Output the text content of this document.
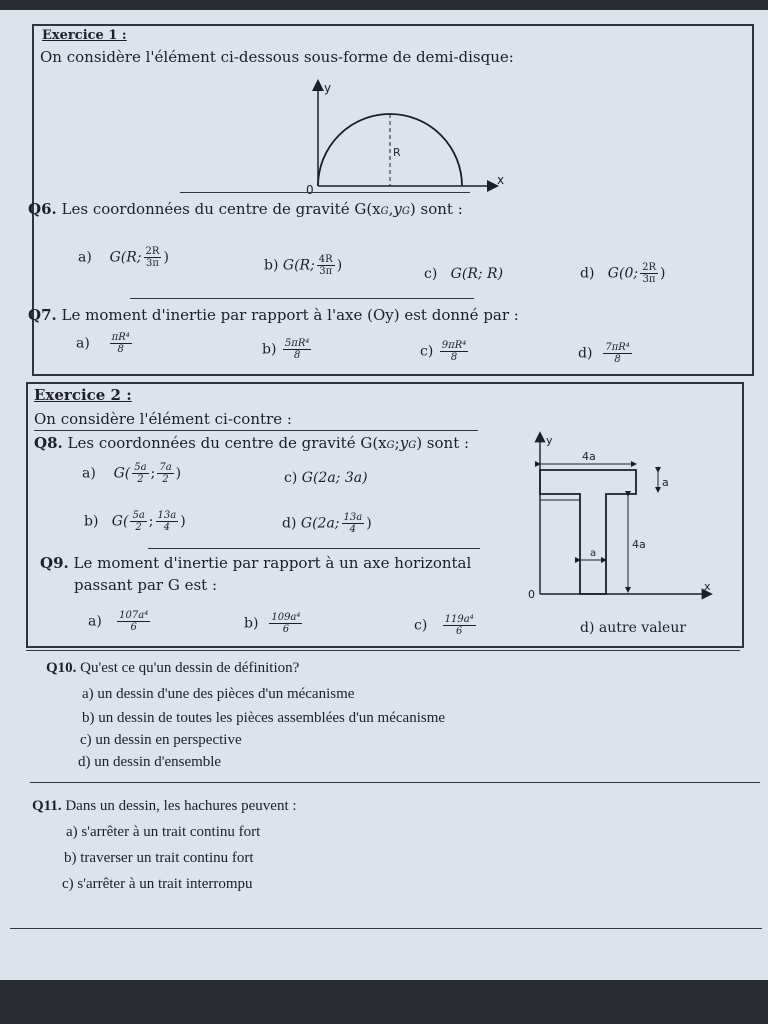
Exercice 1 :
On considère l'élément ci-dessous sous-forme de demi-disque:
y
x
0
R
Q6. Les coordonnées du centre de gravité G(xG,yG) sont :
a) G(R; $\frac{2R}{3\pi}$ )	b) G(R; $\frac{4R}{3\pi}$ )
c) G(R; R)	d) G(0; $\frac{2R}{3\pi}$ )
Q7. Le moment d'inertie par rapport à l'axe (Oy) est donné par :
$a) \frac{\text{πR⁴}}{8}$	$b) \frac{\text{5πR⁴}}{8}$	$c) \frac{\text{9πR⁴}}{8}$	$d) \frac{\text{7πR⁴}}{8}$
Exercice 2 :
On considère l'élément ci-contre :
Q8. Les coordonnées du centre de gravité G(xG;yG) sont :
a) $G( \frac{5a}{2}$ ; $\frac{7a}{2}$ )	c) G(2a; 3a)
b) $G( \frac{5a}{2}$ ; $\frac{13a}{4}$ )	d) G(2a; $\frac{13a}{4}$ )
Q9. Le moment d'inertie par rapport à un axe horizontal
passant par G est :
$a) \frac{\text{107a⁴}}{6}$	$b) \frac{\text{109a⁴}}{6}$	$c) \frac{\text{119a⁴}}{6}$	d) autre valeur
4a
a
4a
a
y
x
0
Q10. Qu'est ce qu'un dessin de définition?
a) un dessin d'une des pièces d'un mécanisme
b) un dessin de toutes les pièces assemblées d'un mécanisme
c) un dessin en perspective
d) un dessin d'ensemble
Q11. Dans un dessin, les hachures peuvent :
a) s'arrêter à un trait continu fort
b) traverser un trait continu fort
c) s'arrêter à un trait interrompu
